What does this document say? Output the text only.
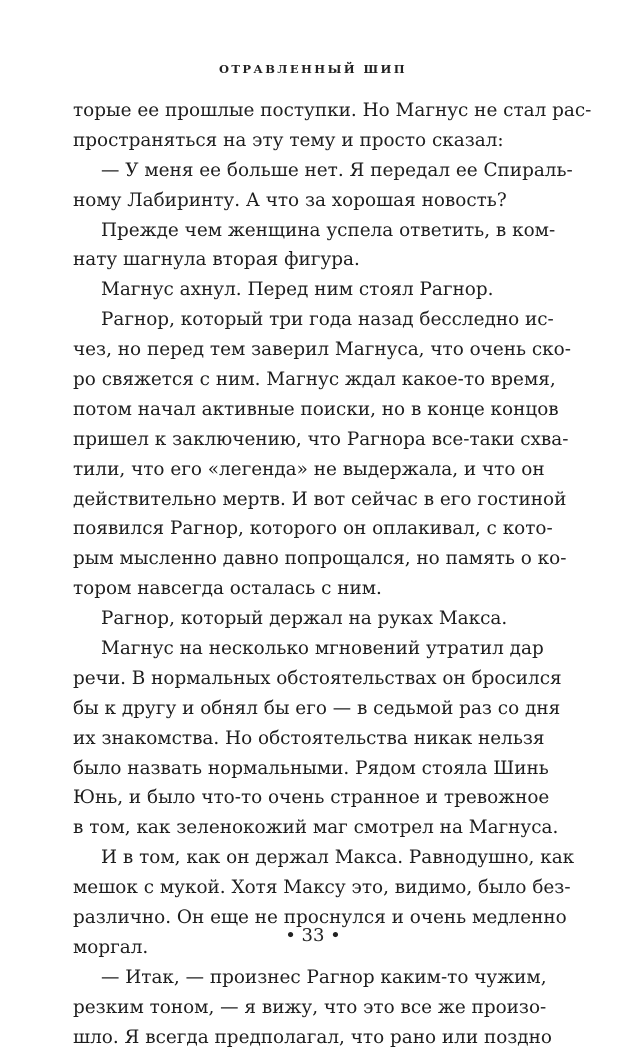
ОТРАВЛЕННЫЙ ШИП
торые ее прошлые поступки. Но Магнус не стал рас-
пространяться на эту тему и просто сказал:
— У меня ее больше нет. Я передал ее Спираль-
ному Лабиринту. А что за хорошая новость?
Прежде чем женщина успела ответить, в ком-
нату шагнула вторая фигура.
Магнус ахнул. Перед ним стоял Рагнор.
Рагнор, который три года назад бесследно ис-
чез, но перед тем заверил Магнуса, что очень ско-
ро свяжется с ним. Магнус ждал какое-то время,
потом начал активные поиски, но в конце концов
пришел к заключению, что Рагнора все-таки схва-
тили, что его «легенда» не выдержала, и что он
действительно мертв. И вот сейчас в его гостиной
появился Рагнор, которого он оплакивал, с кото-
рым мысленно давно попрощался, но память о ко-
тором навсегда осталась с ним.
Рагнор, который держал на руках Макса.
Магнус на несколько мгновений утратил дар
речи. В нормальных обстоятельствах он бросился
бы к другу и обнял бы его — в седьмой раз со дня
их знакомства. Но обстоятельства никак нельзя
было назвать нормальными. Рядом стояла Шинь
Юнь, и было что-то очень странное и тревожное
в том, как зеленокожий маг смотрел на Магнуса.
И в том, как он держал Макса. Равнодушно, как
мешок с мукой. Хотя Максу это, видимо, было без-
различно. Он еще не проснулся и очень медленно
моргал.
— Итак, — произнес Рагнор каким-то чужим,
резким тоном, — я вижу, что это все же произо-
шло. Я всегда предполагал, что рано или поздно
• 33 •
